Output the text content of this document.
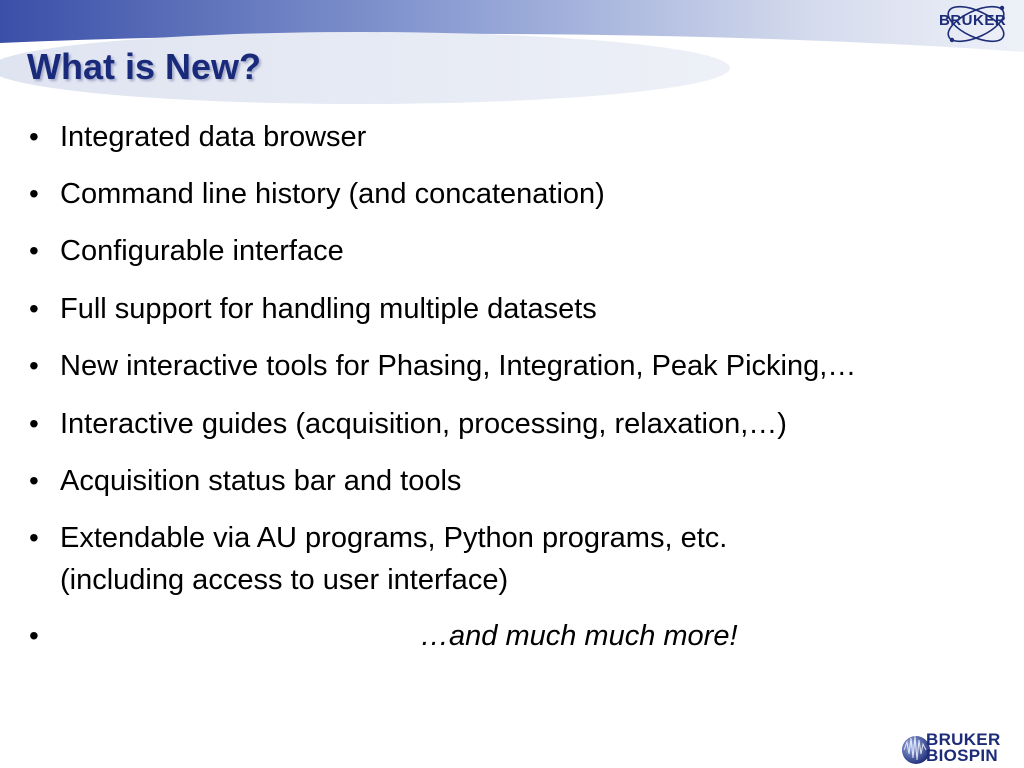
What is New?
BRUKER
• Integrated data browser
• Command line history (and concatenation)
• Configurable interface
• Full support for handling multiple datasets
• New interactive tools for Phasing, Integration, Peak Picking,…
• Interactive guides (acquisition, processing, relaxation,…)
• Acquisition status bar and tools
• Extendable via AU programs, Python programs, etc.
(including access to user interface)
•	…and much much more!
BRUKER
BIOSPIN
